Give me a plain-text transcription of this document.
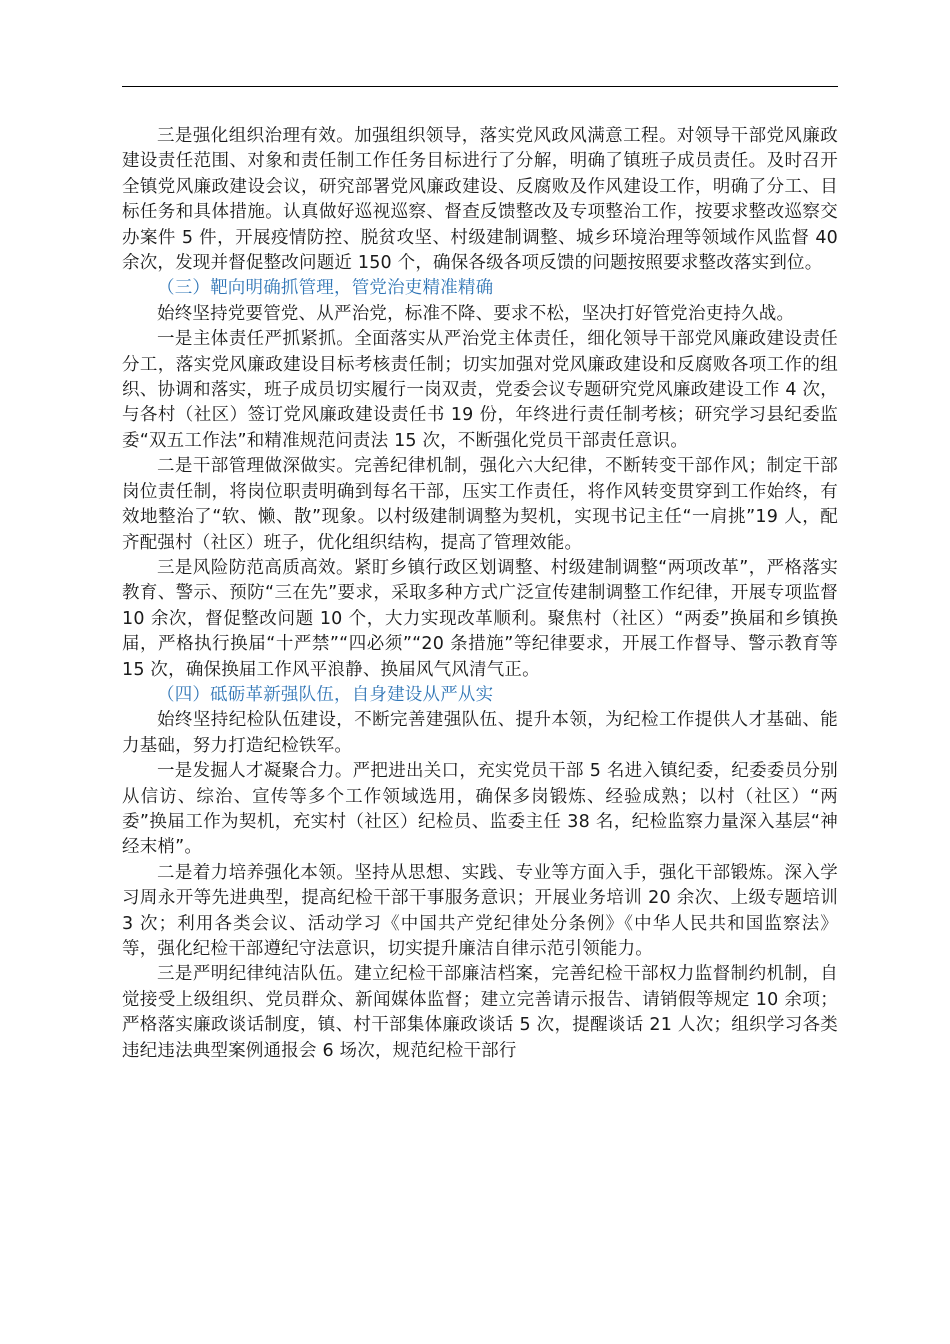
三是强化组织治理有效。加强组织领导，落实党风政风满意工程。对领导干部党风廉政建设责任范围、对象和责任制工作任务目标进行了分解，明确了镇班子成员责任。及时召开全镇党风廉政建设会议，研究部署党风廉政建设、反腐败及作风建设工作，明确了分工、目标任务和具体措施。认真做好巡视巡察、督查反馈整改及专项整治工作，按要求整改巡察交办案件 5 件，开展疫情防控、脱贫攻坚、村级建制调整、城乡环境治理等领域作风监督 40 余次，发现并督促整改问题近 150 个，确保各级各项反馈的问题按照要求整改落实到位。

（三）靶向明确抓管理，管党治吏精准精确

始终坚持党要管党、从严治党，标准不降、要求不松，坚决打好管党治吏持久战。

一是主体责任严抓紧抓。全面落实从严治党主体责任，细化领导干部党风廉政建设责任分工，落实党风廉政建设目标考核责任制；切实加强对党风廉政建设和反腐败各项工作的组织、协调和落实，班子成员切实履行一岗双责，党委会议专题研究党风廉政建设工作 4 次，与各村（社区）签订党风廉政建设责任书 19 份，年终进行责任制考核；研究学习县纪委监委“双五工作法”和精准规范问责法 15 次，不断强化党员干部责任意识。

二是干部管理做深做实。完善纪律机制，强化六大纪律，不断转变干部作风；制定干部岗位责任制，将岗位职责明确到每名干部，压实工作责任，将作风转变贯穿到工作始终，有效地整治了“软、懒、散”现象。以村级建制调整为契机，实现书记主任“一肩挑”19 人，配齐配强村（社区）班子，优化组织结构，提高了管理效能。

三是风险防范高质高效。紧盯乡镇行政区划调整、村级建制调整“两项改革”，严格落实教育、警示、预防“三在先”要求，采取多种方式广泛宣传建制调整工作纪律，开展专项监督 10 余次，督促整改问题 10 个，大力实现改革顺利。聚焦村（社区）“两委”换届和乡镇换届，严格执行换届“十严禁”“四必须”“20 条措施”等纪律要求，开展工作督导、警示教育等 15 次，确保换届工作风平浪静、换届风气风清气正。

（四）砥砺革新强队伍，自身建设从严从实

始终坚持纪检队伍建设，不断完善建强队伍、提升本领，为纪检工作提供人才基础、能力基础，努力打造纪检铁军。

一是发掘人才凝聚合力。严把进出关口，充实党员干部 5 名进入镇纪委，纪委委员分别从信访、综治、宣传等多个工作领域选用，确保多岗锻炼、经验成熟；以村（社区）“两委”换届工作为契机，充实村（社区）纪检员、监委主任 38 名，纪检监察力量深入基层“神经末梢”。

二是着力培养强化本领。坚持从思想、实践、专业等方面入手，强化干部锻炼。深入学习周永开等先进典型，提高纪检干部干事服务意识；开展业务培训 20 余次、上级专题培训 3 次；利用各类会议、活动学习《中国共产党纪律处分条例》《中华人民共和国监察法》等，强化纪检干部遵纪守法意识，切实提升廉洁自律示范引领能力。

三是严明纪律纯洁队伍。建立纪检干部廉洁档案，完善纪检干部权力监督制约机制，自觉接受上级组织、党员群众、新闻媒体监督；建立完善请示报告、请销假等规定 10 余项；严格落实廉政谈话制度，镇、村干部集体廉政谈话 5 次，提醒谈话 21 人次；组织学习各类违纪违法典型案例通报会 6 场次，规范纪检干部行
